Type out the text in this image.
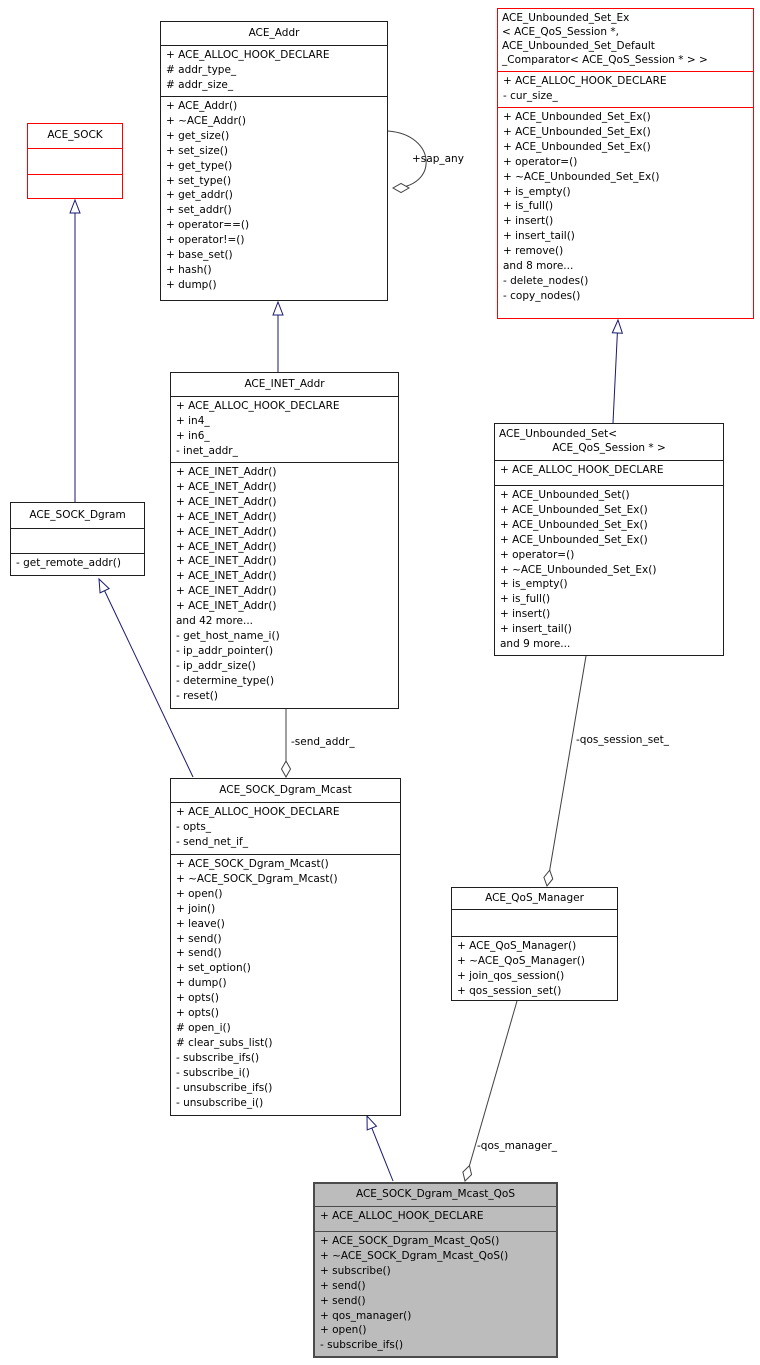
+sap_any
-send_addr_	-qos_session_set_
-qos_manager_
ACE_SOCK
ACE_Addr
+ ACE_ALLOC_HOOK_DECLARE
# addr_type_
# addr_size_
+ ACE_Addr()
+ ~ACE_Addr()
+ get_size()
+ set_size()
+ get_type()
+ set_type()
+ get_addr()
+ set_addr()
+ operator==()
+ operator!=()
+ base_set()
+ hash()
+ dump()
ACE_Unbounded_Set_Ex
< ACE_QoS_Session *,
ACE_Unbounded_Set_Default
_Comparator< ACE_QoS_Session * > >
+ ACE_ALLOC_HOOK_DECLARE
- cur_size_
+ ACE_Unbounded_Set_Ex()
+ ACE_Unbounded_Set_Ex()
+ ACE_Unbounded_Set_Ex()
+ operator=()
+ ~ACE_Unbounded_Set_Ex()
+ is_empty()
+ is_full()
+ insert()
+ insert_tail()
+ remove()
and 8 more...
- delete_nodes()
- copy_nodes()
ACE_INET_Addr
+ ACE_ALLOC_HOOK_DECLARE
+ in4_
+ in6_
- inet_addr_
+ ACE_INET_Addr()
+ ACE_INET_Addr()
+ ACE_INET_Addr()
+ ACE_INET_Addr()
+ ACE_INET_Addr()
+ ACE_INET_Addr()
+ ACE_INET_Addr()
+ ACE_INET_Addr()
+ ACE_INET_Addr()
+ ACE_INET_Addr()
and 42 more...
- get_host_name_i()
- ip_addr_pointer()
- ip_addr_size()
- determine_type()
- reset()
ACE_Unbounded_Set<
ACE_QoS_Session * >
+ ACE_ALLOC_HOOK_DECLARE
+ ACE_Unbounded_Set()
+ ACE_Unbounded_Set_Ex()
+ ACE_Unbounded_Set_Ex()
+ ACE_Unbounded_Set_Ex()
+ operator=()
+ ~ACE_Unbounded_Set_Ex()
+ is_empty()
+ is_full()
+ insert()
+ insert_tail()
and 9 more...
ACE_SOCK_Dgram
- get_remote_addr()
ACE_SOCK_Dgram_Mcast
+ ACE_ALLOC_HOOK_DECLARE
- opts_
- send_net_if_
+ ACE_SOCK_Dgram_Mcast()
+ ~ACE_SOCK_Dgram_Mcast()
+ open()
+ join()
+ leave()
+ send()
+ send()
+ set_option()
+ dump()
+ opts()
+ opts()
# open_i()
# clear_subs_list()
- subscribe_ifs()
- subscribe_i()
- unsubscribe_ifs()
- unsubscribe_i()
ACE_QoS_Manager
+ ACE_QoS_Manager()
+ ~ACE_QoS_Manager()
+ join_qos_session()
+ qos_session_set()
ACE_SOCK_Dgram_Mcast_QoS
+ ACE_ALLOC_HOOK_DECLARE
+ ACE_SOCK_Dgram_Mcast_QoS()
+ ~ACE_SOCK_Dgram_Mcast_QoS()
+ subscribe()
+ send()
+ send()
+ qos_manager()
+ open()
- subscribe_ifs()
